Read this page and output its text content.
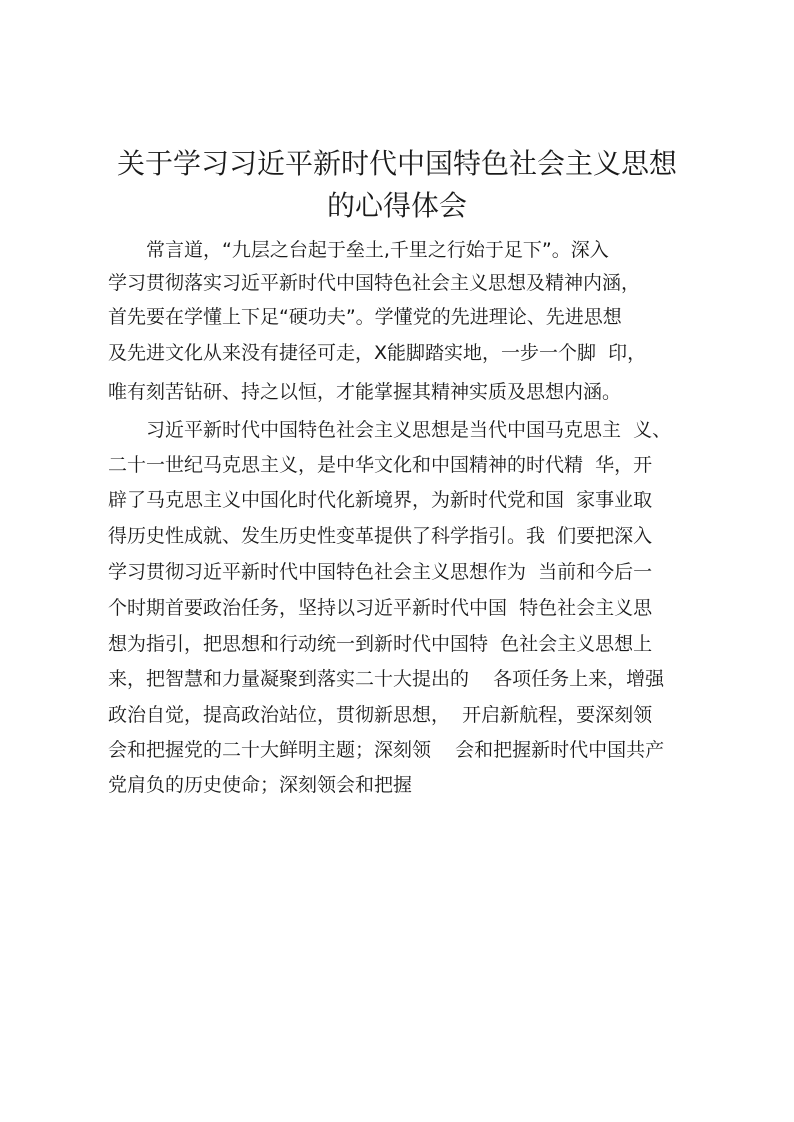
关于学习习近平新时代中国特色社会主义思想
的心得体会
常言道，“九层之台起于垒土,千里之行始于足下”。深入
学习贯彻落实习近平新时代中国特色社会主义思想及精神内涵，
首先要在学懂上下足“硬功夫”。学懂党的先进理论、先进思想
及先进文化从来没有捷径可走，X能脚踏实地，一步一个脚  印，
唯有刻苦钻研、持之以恒，才能掌握其精神实质及思想内涵。
习近平新时代中国特色社会主义思想是当代中国马克思主  义、
二十一世纪马克思主义，是中华文化和中国精神的时代精  华，开
辟了马克思主义中国化时代化新境界，为新时代党和国  家事业取
得历史性成就、发生历史性变革提供了科学指引。我  们要把深入
学习贯彻习近平新时代中国特色社会主义思想作为  当前和今后一
个时期首要政治任务，坚持以习近平新时代中国  特色社会主义思
想为指引，把思想和行动统一到新时代中国特  色社会主义思想上
来，把智慧和力量凝聚到落实二十大提出的    各项任务上来，增强
政治自觉，提高政治站位，贯彻新思想，  开启新航程，要深刻领
会和把握党的二十大鲜明主题；深刻领    会和把握新时代中国共产
党肩负的历史使命；深刻领会和把握
